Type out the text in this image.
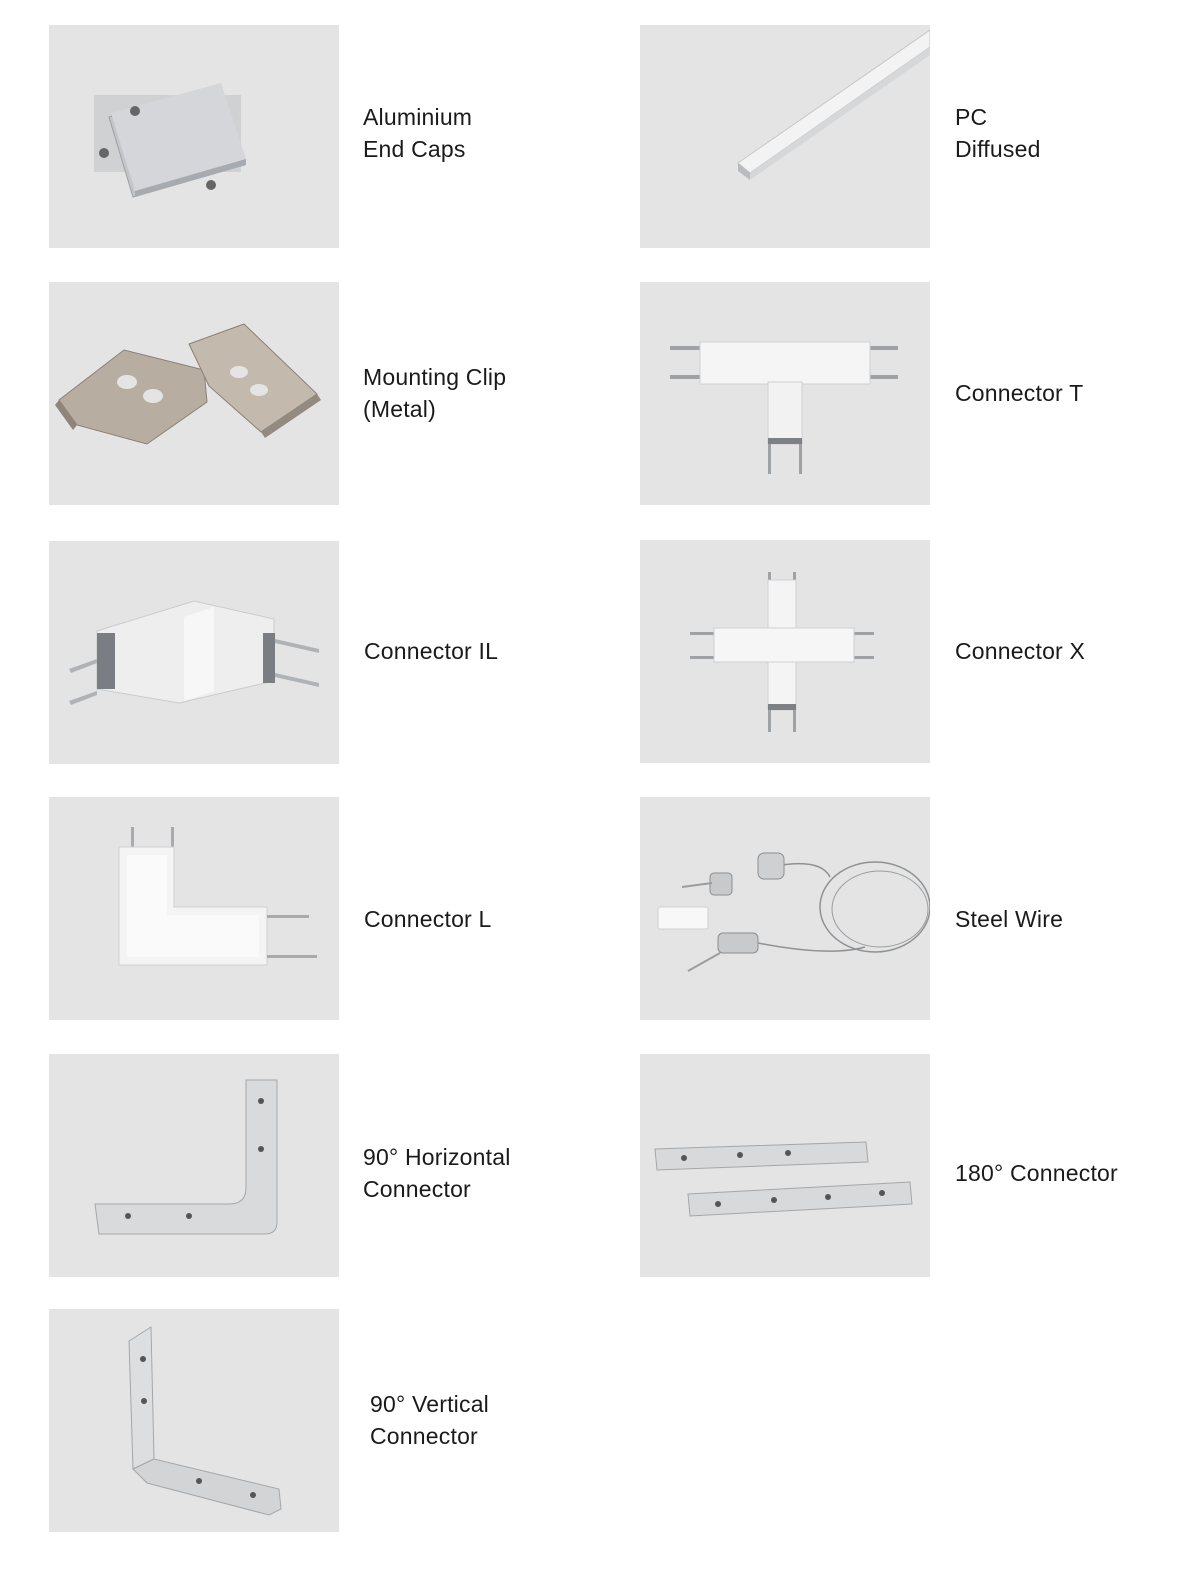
Aluminium
End Caps
PC
Diffused
Mounting Clip
(Metal)
Connector T
Connector IL	Connector X
Connector L	Steel Wire
90° Horizontal
Connector
180° Connector
90° Vertical
Connector
